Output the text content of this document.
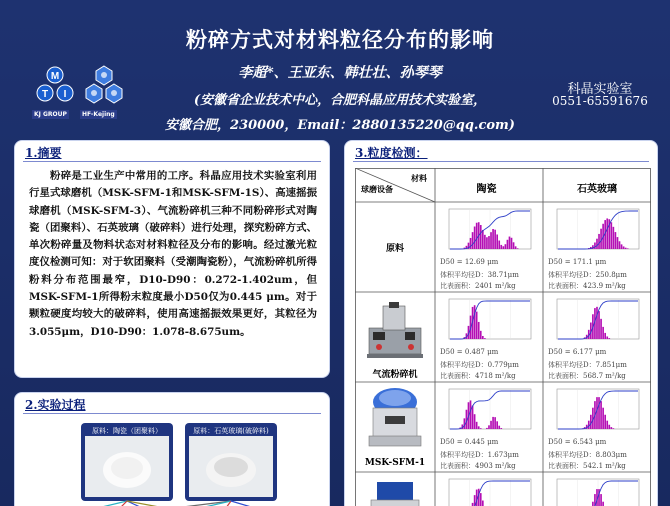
M
T I
KJ GROUP	HF-Kejing
粉碎方式对材料粒径分布的影响
李超*、王亚东、韩壮壮、孙琴琴
(安徽省企业技术中心，合肥科晶应用技术实验室，
安徽合肥，230000，Email：2880135220@qq.com)
科晶实验室
0551-65591676
1.摘要
粉碎是工业生产中常用的工序。科晶应用技术实验室利用行星式球磨机（MSK-SFM-1和MSK-SFM-1S）、高速摇振球磨机（MSK-SFM-3）、气流粉碎机三种不同粉碎形式对陶瓷（团聚料）、石英玻璃（破碎料）进行处理，探究粉碎方式、单次粉碎量及物料状态对材料粒径及分布的影响。经过激光粒度仪检测可知：对于软团聚料（受潮陶瓷粉），气流粉碎机所得粉料分布范围最窄，D10-D90：0.272-1.402um，但MSK-SFM-1所得粉末粒度最小D50仅为0.445 μm。对于颗粒硬度均较大的破碎料，使用高速摇振效果更好，其粒径为 3.055μm，D10-D90：1.078-8.675um。
2.实验过程
原料：陶瓷（团聚料）	原料：石英玻璃(破碎料)
3.粒度检测：
材料
球磨设备	陶瓷	石英玻璃
原料
D50 = 12.69 μm
体积平均径D：38.71μm
比表面积：2401 m²/kg
D50 = 171.1 μm
体积平均径D：250.8μm
比表面积：423.9 m²/kg
气流粉碎机
D50 = 0.487 μm
体积平均径D：0.779μm
比表面积：4718 m²/kg
D50 = 6.177 μm
体积平均径D：7.851μm
比表面积：568.7 m²/kg
MSK-SFM-1
D50 = 0.445 μm
体积平均径D：1.673μm
比表面积：4903 m²/kg
D50 = 6.543 μm
体积平均径D：8.803μm
比表面积：542.1 m²/kg
